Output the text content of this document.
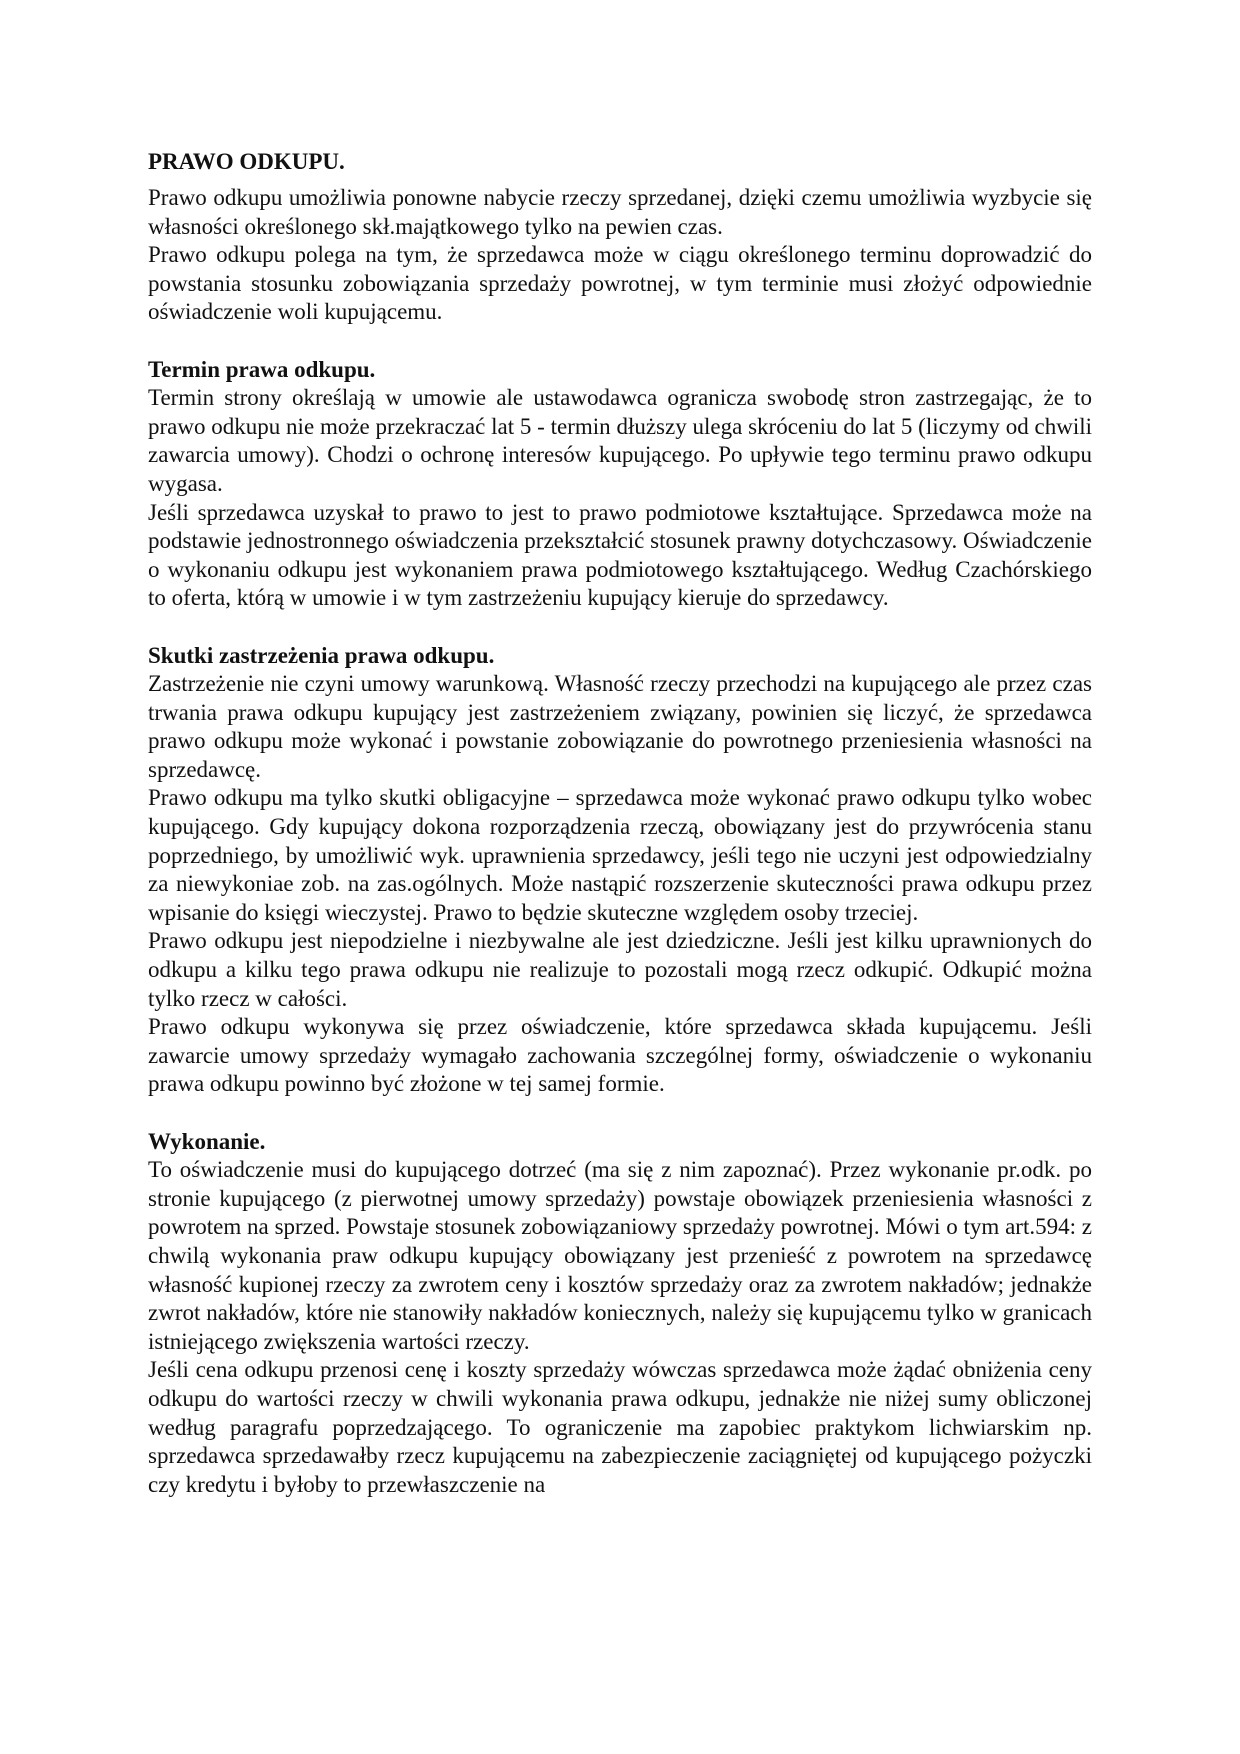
PRAWO ODKUPU.

Prawo odkupu umożliwia ponowne nabycie rzeczy sprzedanej, dzięki czemu umożliwia wyzbycie się własności określonego skł.majątkowego tylko na pewien czas.

Prawo odkupu polega na tym, że sprzedawca może w ciągu określonego terminu doprowadzić do powstania stosunku zobowiązania sprzedaży powrotnej, w tym terminie musi złożyć odpowiednie oświadczenie woli kupującemu.

Termin prawa odkupu.

Termin strony określają w umowie ale ustawodawca ogranicza swobodę stron zastrzegając, że to prawo odkupu nie może przekraczać lat 5 - termin dłuższy ulega skróceniu do lat 5 (liczymy od chwili zawarcia umowy). Chodzi o ochronę interesów kupującego. Po upływie tego terminu prawo odkupu wygasa.

Jeśli sprzedawca uzyskał to prawo to jest to prawo podmiotowe kształtujące. Sprzedawca może na podstawie jednostronnego oświadczenia przekształcić stosunek prawny dotychczasowy. Oświadczenie o wykonaniu odkupu jest wykonaniem prawa podmiotowego kształtującego. Według Czachórskiego to oferta, którą w umowie i w tym zastrzeżeniu kupujący kieruje do sprzedawcy.

Skutki zastrzeżenia prawa odkupu.

Zastrzeżenie nie czyni umowy warunkową. Własność rzeczy przechodzi na kupującego ale przez czas trwania prawa odkupu kupujący jest zastrzeżeniem związany, powinien się liczyć, że sprzedawca prawo odkupu może wykonać i powstanie zobowiązanie do powrotnego przeniesienia własności na sprzedawcę.

Prawo odkupu ma tylko skutki obligacyjne – sprzedawca może wykonać prawo odkupu tylko wobec kupującego. Gdy kupujący dokona rozporządzenia rzeczą, obowiązany jest do przywrócenia stanu poprzedniego, by umożliwić wyk. uprawnienia sprzedawcy, jeśli tego nie uczyni jest odpowiedzialny za niewykoniae zob. na zas.ogólnych. Może nastąpić rozszerzenie skuteczności prawa odkupu przez wpisanie do księgi wieczystej. Prawo to będzie skuteczne względem osoby trzeciej.

Prawo odkupu jest niepodzielne i niezbywalne ale jest dziedziczne. Jeśli jest kilku uprawnionych do odkupu a kilku tego prawa odkupu nie realizuje to pozostali mogą rzecz odkupić. Odkupić można tylko rzecz w całości.

Prawo odkupu wykonywa się przez oświadczenie, które sprzedawca składa kupującemu. Jeśli zawarcie umowy sprzedaży wymagało zachowania szczególnej formy, oświadczenie o wykonaniu prawa odkupu powinno być złożone w tej samej formie.

Wykonanie.

To oświadczenie musi do kupującego dotrzeć (ma się z nim zapoznać). Przez wykonanie pr.odk. po stronie kupującego (z pierwotnej umowy sprzedaży) powstaje obowiązek przeniesienia własności z powrotem na sprzed. Powstaje stosunek zobowiązaniowy sprzedaży powrotnej. Mówi o tym art.594: z chwilą wykonania praw odkupu kupujący obowiązany jest przenieść z powrotem na sprzedawcę własność kupionej rzeczy za zwrotem ceny i kosztów sprzedaży oraz za zwrotem nakładów; jednakże zwrot nakładów, które nie stanowiły nakładów koniecznych, należy się kupującemu tylko w granicach istniejącego zwiększenia wartości rzeczy.

Jeśli cena odkupu przenosi cenę i koszty sprzedaży wówczas sprzedawca może żądać obniżenia ceny odkupu do wartości rzeczy w chwili wykonania prawa odkupu, jednakże nie niżej sumy obliczonej według paragrafu poprzedzającego. To ograniczenie ma zapobiec praktykom lichwiarskim np. sprzedawca sprzedawałby rzecz kupującemu na zabezpieczenie zaciągniętej od kupującego pożyczki czy kredytu i byłoby to przewłaszczenie na
